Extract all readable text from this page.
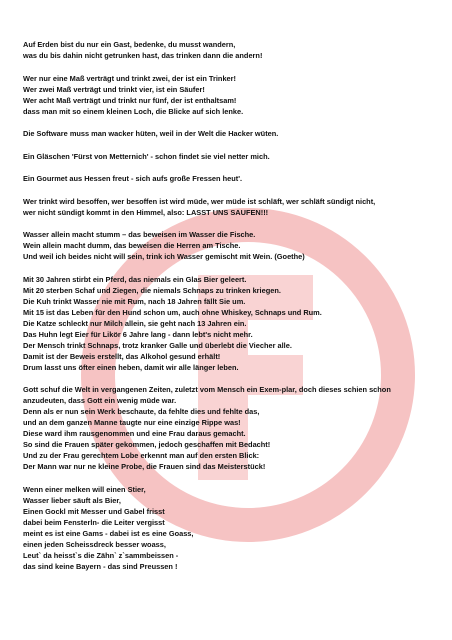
Auf Erden bist du nur ein Gast, bedenke, du musst wandern,
was du bis dahin nicht getrunken hast, das trinken dann die andern!
Wer nur eine Maß verträgt und trinkt zwei, der ist ein Trinker!
Wer zwei Maß verträgt und trinkt vier, ist ein Säufer!
Wer acht Maß verträgt und trinkt nur fünf, der ist enthaltsam!
dass man mit so einem kleinen Loch, die Blicke auf sich lenke.
Die Software muss man wacker hüten, weil in der Welt die Hacker wüten.
Ein Gläschen 'Fürst von Metternich' - schon findet sie viel netter mich.
Ein Gourmet aus Hessen freut - sich aufs große Fressen heut'.
Wer trinkt wird besoffen, wer besoffen ist wird müde, wer müde ist schläft, wer schläft sündigt nicht,
wer nicht sündigt kommt in den Himmel, also: LASST UNS SAUFEN!!!
Wasser allein macht stumm – das beweisen im Wasser die Fische.
Wein allein macht dumm, das beweisen die Herren am Tische.
Und weil ich beides nicht will sein, trink ich Wasser gemischt mit Wein. (Goethe)
Mit 30 Jahren stirbt ein Pferd, das niemals ein Glas Bier geleert.
Mit 20 sterben Schaf und Ziegen, die niemals Schnaps zu trinken kriegen.
Die Kuh trinkt Wasser nie mit Rum, nach 18 Jahren fällt Sie um.
Mit 15 ist das Leben für den Hund schon um, auch ohne Whiskey, Schnaps und Rum.
Die Katze schleckt nur Milch allein, sie geht nach 13 Jahren ein.
Das Huhn legt Eier für Likör 6 Jahre lang - dann lebt's nicht mehr.
Der Mensch trinkt Schnaps, trotz kranker Galle und überlebt die Viecher alle.
Damit ist der Beweis erstellt, das Alkohol gesund erhält!
Drum lasst uns öfter einen heben, damit wir alle länger leben.
Gott schuf die Welt in vergangenen Zeiten, zuletzt vom Mensch ein Exem-plar, doch dieses schien schon anzudeuten, dass Gott ein wenig müde war.
Denn als er nun sein Werk beschaute, da fehlte dies und fehlte das,
und an dem ganzen Manne taugte nur eine einzige Rippe was!
Diese ward ihm rausgenommen und eine Frau daraus gemacht.
So sind die Frauen später gekommen, jedoch geschaffen mit Bedacht!
Und zu der Frau gerechtem Lobe erkennt man auf den ersten Blick:
Der Mann war nur ne kleine Probe, die Frauen sind das Meisterstück!
Wenn einer melken will einen Stier,
Wasser lieber säuft als Bier,
Einen Gockl mit Messer und Gabel frisst
dabei beim Fensterln- die Leiter vergisst
meint es ist eine Gams - dabei ist es eine Goass,
einen jeden Scheissdreck besser woass,
Leut` da heisst`s die Zähn` z`sammbeissen -
das sind keine Bayern - das sind Preussen !
